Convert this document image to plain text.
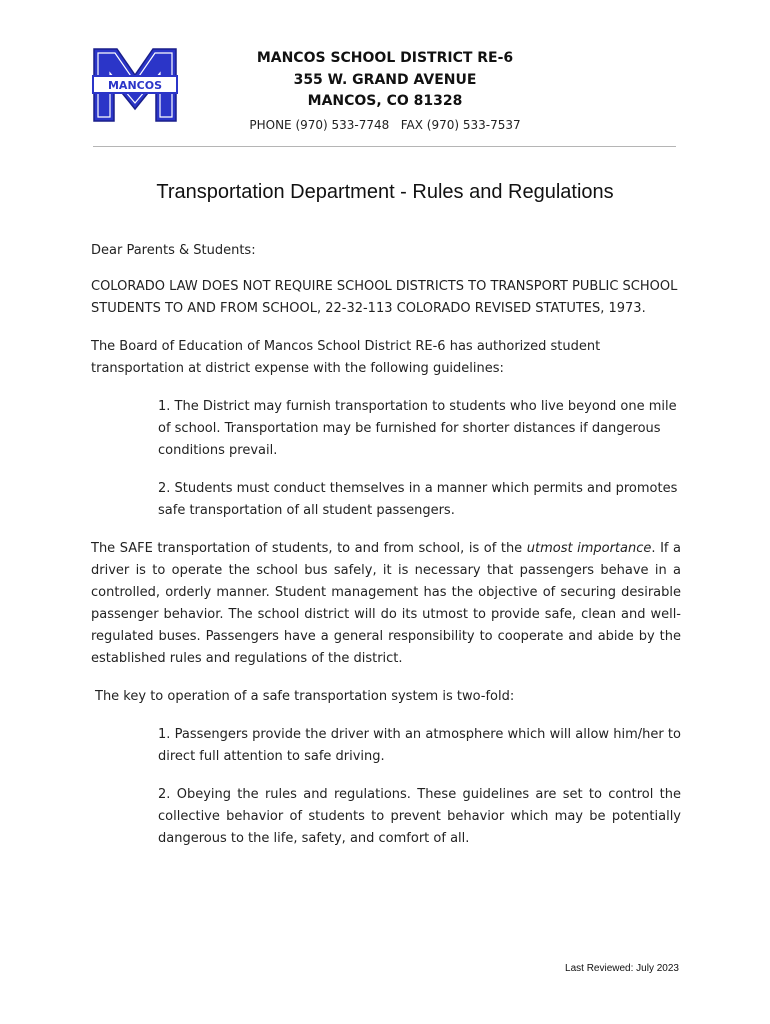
MANCOS
MANCOS SCHOOL DISTRICT RE-6
355 W. GRAND AVENUE
MANCOS, CO 81328
PHONE (970) 533-7748   FAX (970) 533-7537
Transportation Department - Rules and Regulations

Dear Parents & Students:

COLORADO LAW DOES NOT REQUIRE SCHOOL DISTRICTS TO TRANSPORT PUBLIC SCHOOL STUDENTS TO AND FROM SCHOOL, 22-32-113 COLORADO REVISED STATUTES, 1973.

The Board of Education of Mancos School District RE-6 has authorized student transportation at district expense with the following guidelines:

1. The District may furnish transportation to students who live beyond one mile of school. Transportation may be furnished for shorter distances if dangerous conditions prevail.

2. Students must conduct themselves in a manner which permits and promotes safe transportation of all student passengers.

The SAFE transportation of students, to and from school, is of the utmost importance. If a driver is to operate the school bus safely, it is necessary that passengers behave in a controlled, orderly manner. Student management has the objective of securing desirable passenger behavior. The school district will do its utmost to provide safe, clean and well-regulated buses. Passengers have a general responsibility to cooperate and abide by the established rules and regulations of the district.

The key to operation of a safe transportation system is two-fold:

1. Passengers provide the driver with an atmosphere which will allow him/her to direct full attention to safe driving.

2. Obeying the rules and regulations. These guidelines are set to control the collective behavior of students to prevent behavior which may be potentially dangerous to the life, safety, and comfort of all.

Last Reviewed: July 2023
